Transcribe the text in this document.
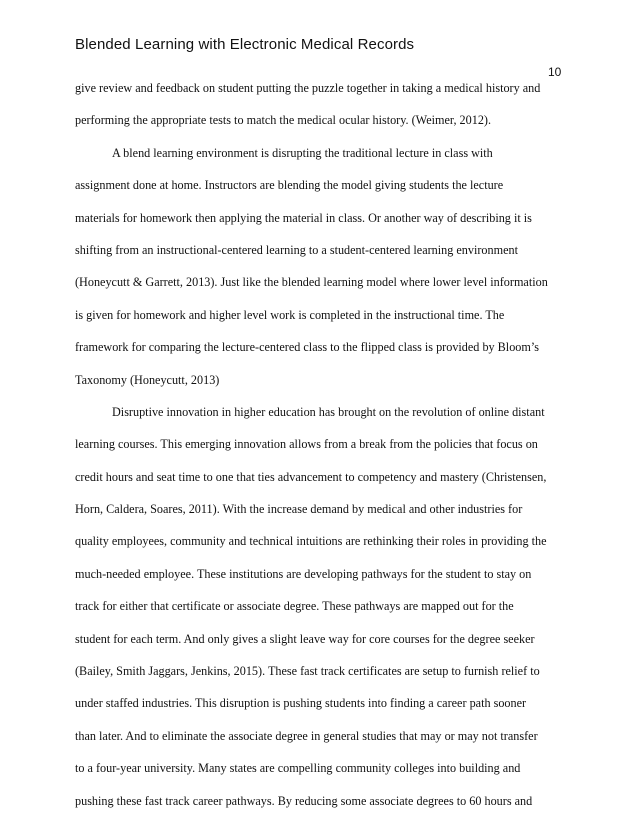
Blended Learning with Electronic Medical Records
10
give review and feedback on student putting the puzzle together in taking a medical history and
performing the appropriate tests to match the medical ocular history. (Weimer, 2012).
A blend learning environment is disrupting the traditional lecture in class with
assignment done at home. Instructors are blending the model giving students the lecture
materials for homework then applying the material in class. Or another way of describing it is
shifting from an instructional-centered learning to a student-centered learning environment
(Honeycutt & Garrett, 2013). Just like the blended learning model where lower level information
is given for homework and higher level work is completed in the instructional time. The
framework for comparing the lecture-centered class to the flipped class is provided by Bloom’s
Taxonomy (Honeycutt, 2013)
Disruptive innovation in higher education has brought on the revolution of online distant
learning courses. This emerging innovation allows from a break from the policies that focus on
credit hours and seat time to one that ties advancement to competency and mastery (Christensen,
Horn, Caldera, Soares, 2011). With the increase demand by medical and other industries for
quality employees, community and technical intuitions are rethinking their roles in providing the
much-needed employee. These institutions are developing pathways for the student to stay on
track for either that certificate or associate degree. These pathways are mapped out for the
student for each term. And only gives a slight leave way for core courses for the degree seeker
(Bailey, Smith Jaggars, Jenkins, 2015). These fast track certificates are setup to furnish relief to
under staffed industries. This disruption is pushing students into finding a career path sooner
than later. And to eliminate the associate degree in general studies that may or may not transfer
to a four-year university. Many states are compelling community colleges into building and
pushing these fast track career pathways. By reducing some associate degrees to 60 hours and
